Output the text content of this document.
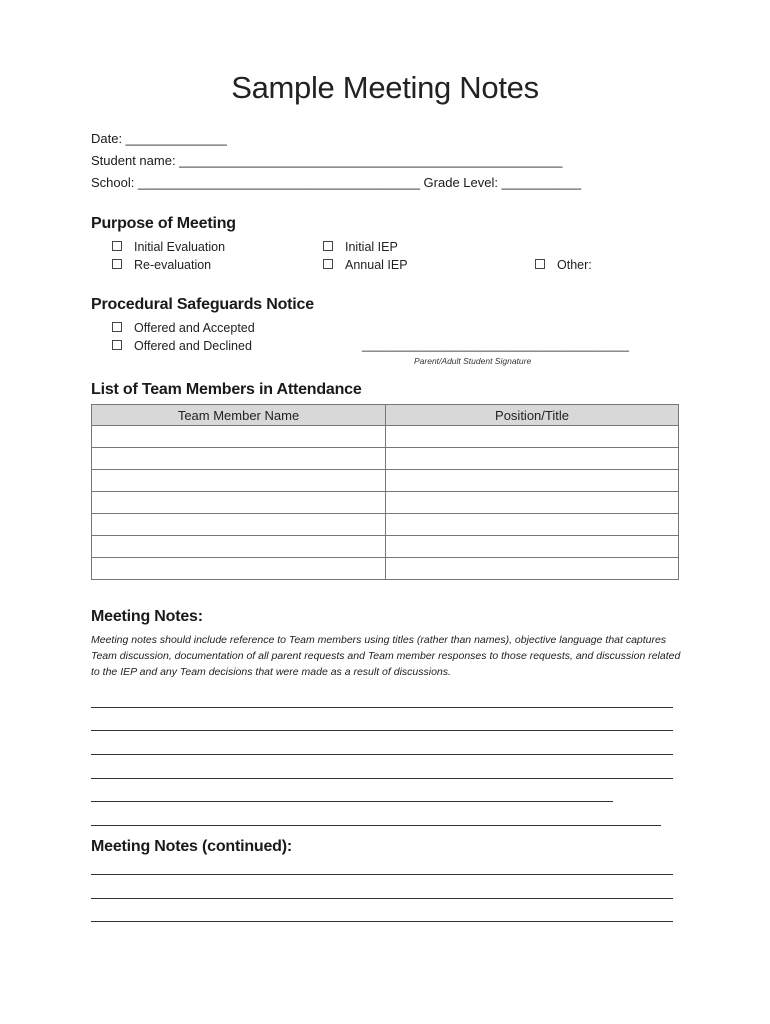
Sample Meeting Notes
Date: ______________
Student name: _____________________________________________________
School: _______________________________________ Grade Level: ___________
Purpose of Meeting
Initial Evaluation
Re-evaluation
Initial IEP
Annual IEP	Other:
Procedural Safeguards Notice
Offered and Accepted
Offered and Declined	________________________________________
Parent/Adult Student Signature
List of Team Members in Attendance
Team Member Name	Position/Title

Meeting Notes:
Meeting notes should include reference to Team members using titles (rather than names), objective language that captures Team discussion, documentation of all parent requests and Team member responses to those requests, and discussion related to the IEP and any Team decisions that were made as a result of discussions.
Meeting Notes (continued):
